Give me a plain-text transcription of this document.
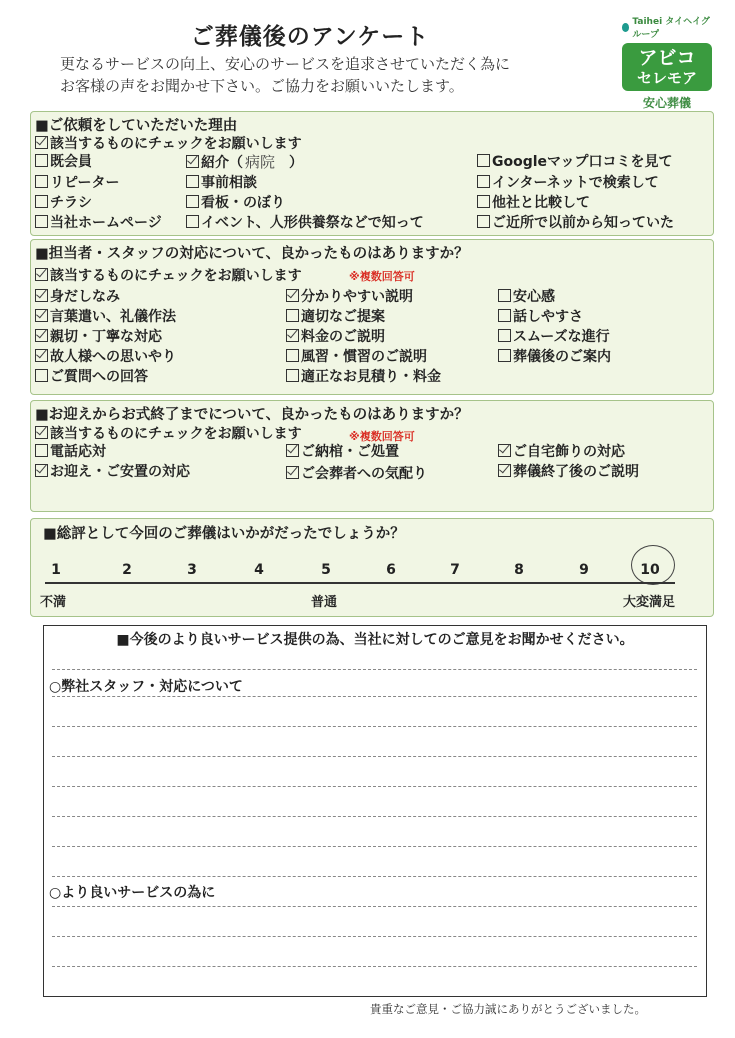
ご葬儀後のアンケート
更なるサービスの向上、安心のサービスを追求させていただく為に
お客様の声をお聞かせ下さい。ご協力をお願いいたします。
Taihei タイヘイグループ
アビコ
セレモア
安心葬儀
■ご依頼をしていただいた理由
該当するものにチェックをお願いします
既会員	紹介（ 病院 ）	Googleマップ口コミを見て
リピーター	事前相談	インターネットで検索して
チラシ	看板・のぼり	他社と比較して
当社ホームページ	イベント、人形供養祭などで知って	ご近所で以前から知っていた
■担当者・スタッフの対応について、良かったものはありますか？
該当するものにチェックをお願いします	※複数回答可
身だしなみ	分かりやすい説明	安心感
言葉遣い、礼儀作法	適切なご提案	話しやすさ
親切・丁寧な対応	料金のご説明	スムーズな進行
故人様への思いやり	風習・慣習のご説明	葬儀後のご案内
ご質問への回答	適正なお見積り・料金
■お迎えからお式終了までについて、良かったものはありますか？
該当するものにチェックをお願いします	※複数回答可
電話応対	ご納棺・ご処置	ご自宅飾りの対応
お迎え・ご安置の対応	ご会葬者への気配り	葬儀終了後のご説明
■総評として今回のご葬儀はいかがだったでしょうか？
1	2	3	4	5	6	7	8	9	10
不満	普通	大変満足
■今後のより良いサービス提供の為、当社に対してのご意見をお聞かせください。
○弊社スタッフ・対応について
○より良いサービスの為に
貴重なご意見・ご協力誠にありがとうございました。
